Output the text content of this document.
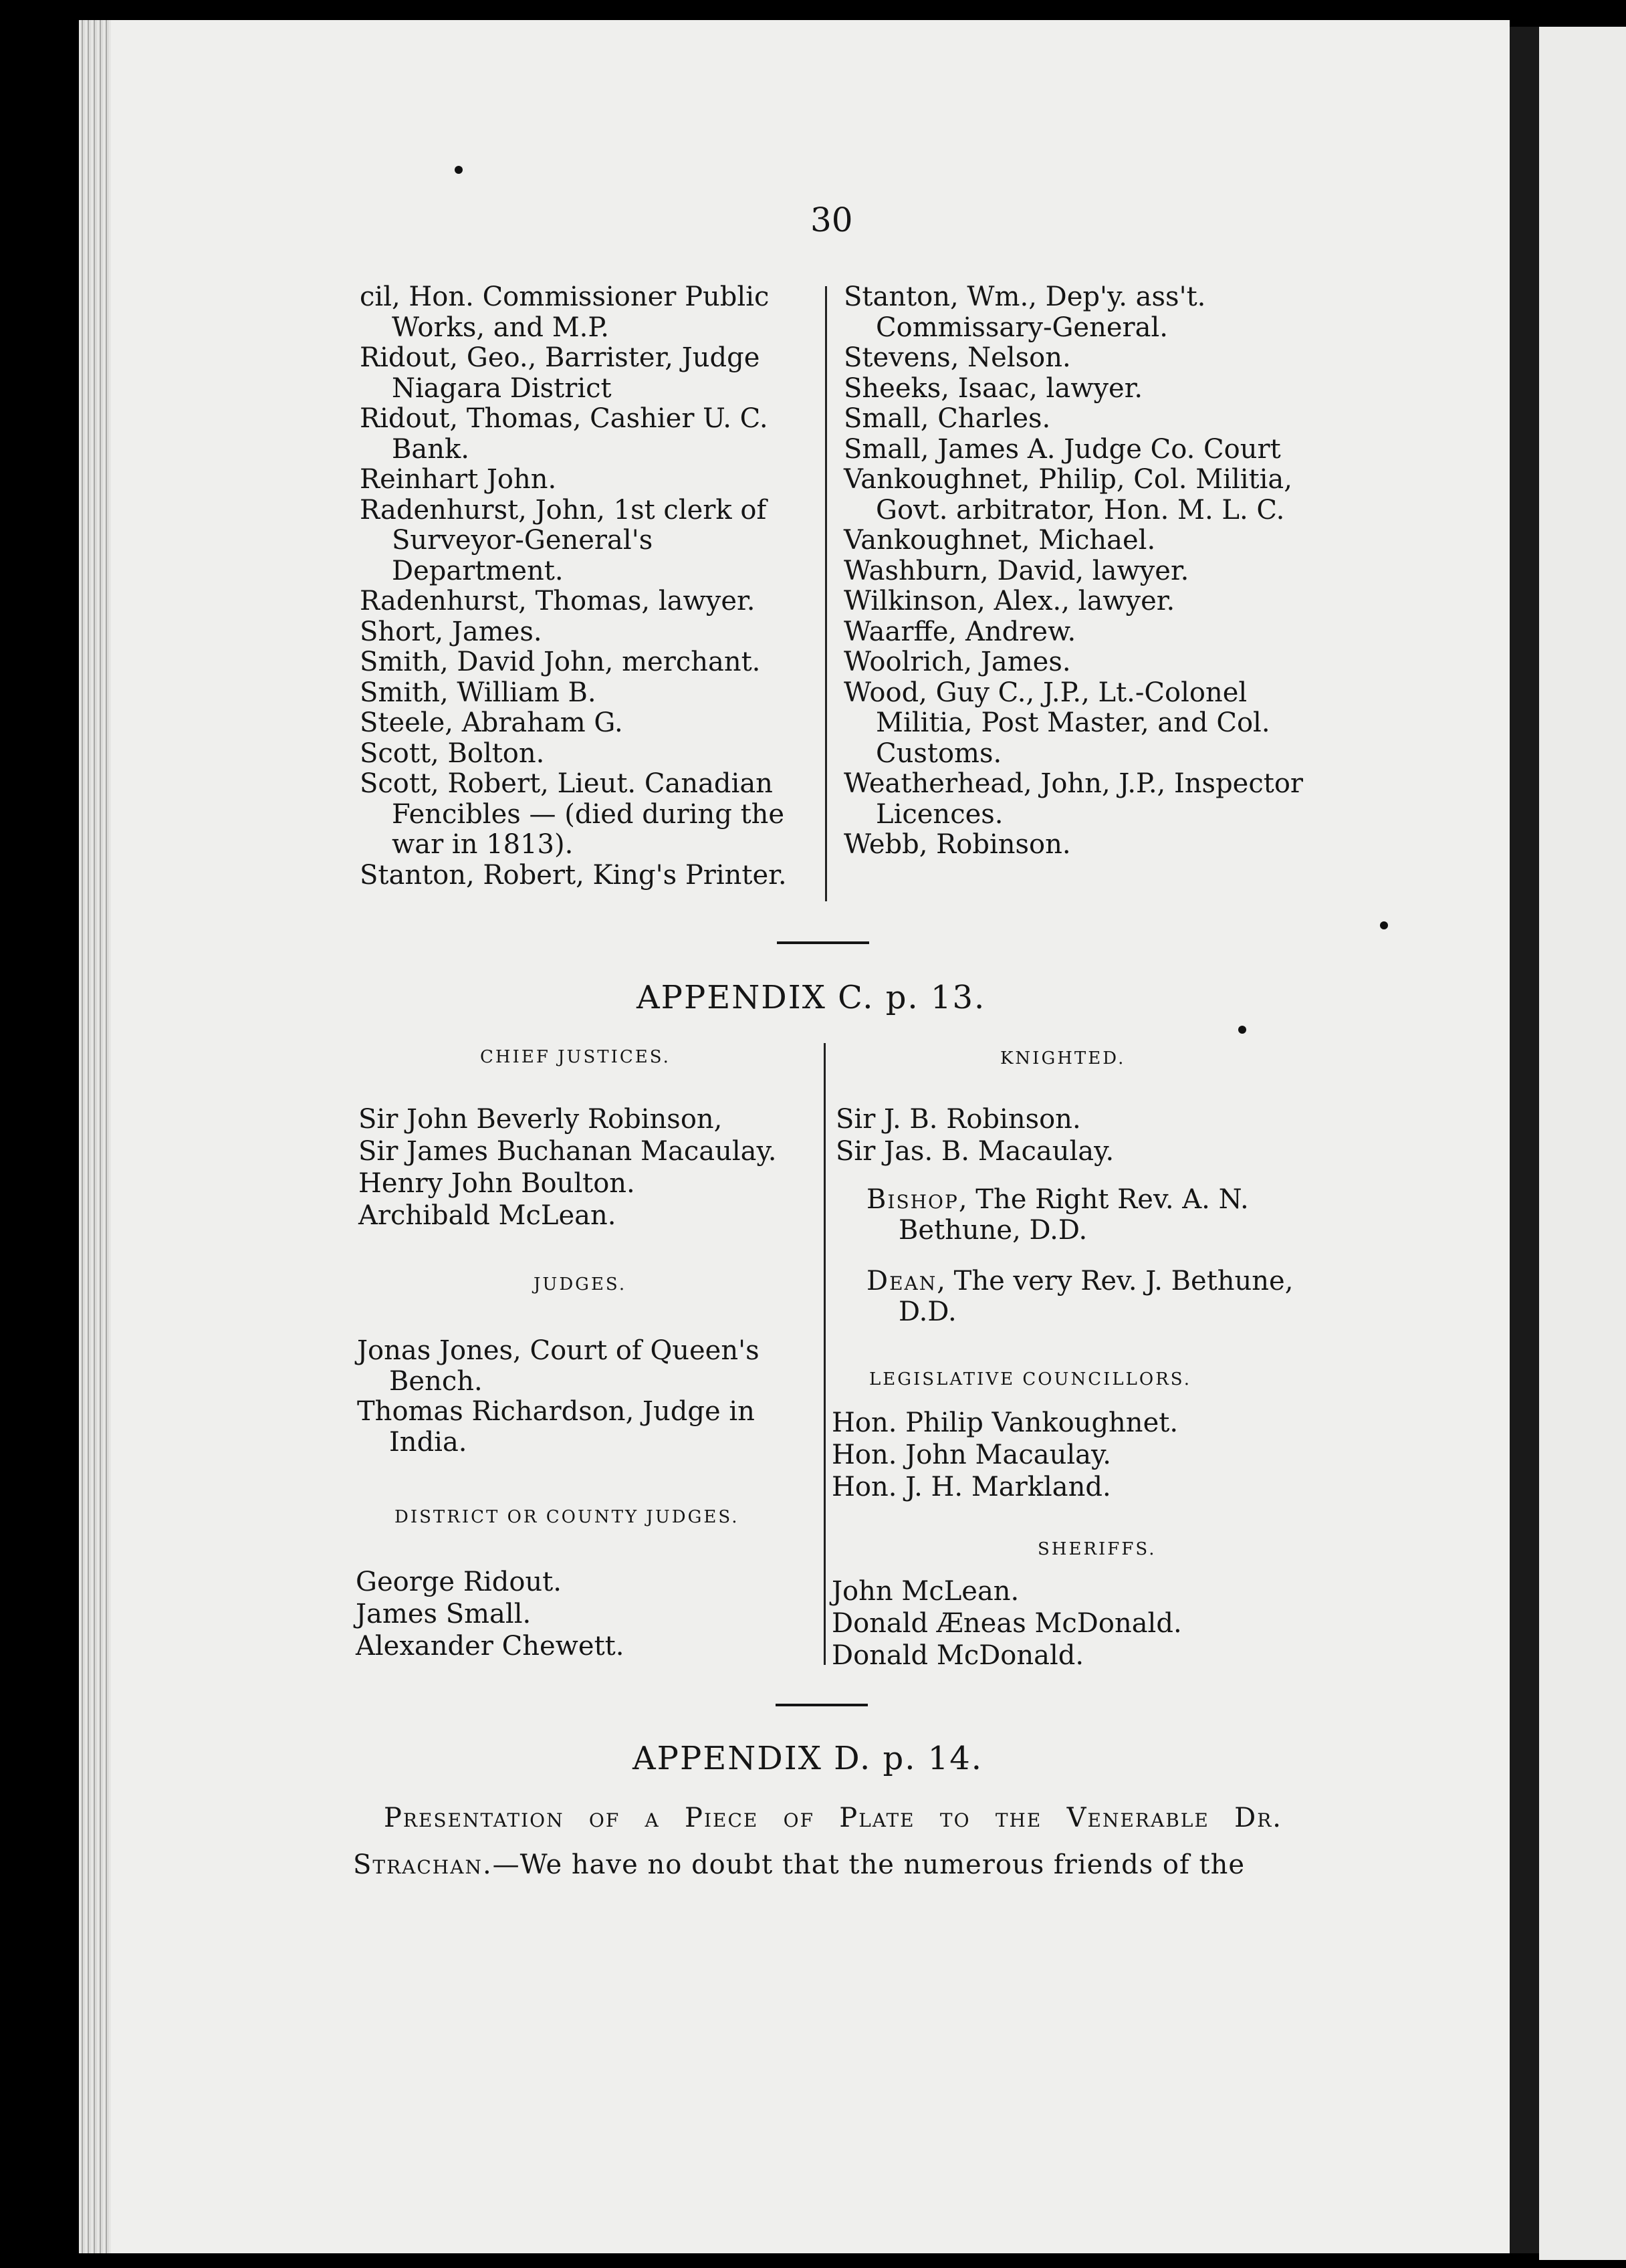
30

cil, Hon. Commissioner Public Works, and M.P.

Ridout, Geo., Barrister, Judge Niagara District

Ridout, Thomas, Cashier U. C. Bank.

Reinhart John.

Radenhurst, John, 1st clerk of Surveyor-General's Department.

Radenhurst, Thomas, lawyer.

Short, James.

Smith, David John, merchant.

Smith, William B.

Steele, Abraham G.

Scott, Bolton.

Scott, Robert, Lieut. Canadian Fencibles — (died during the war in 1813).

Stanton, Robert, King's Printer.

Stanton, Wm., Dep'y. ass't. Commissary-General.

Stevens, Nelson.

Sheeks, Isaac, lawyer.

Small, Charles.

Small, James A. Judge Co. Court

Vankoughnet, Philip, Col. Militia, Govt. arbitrator, Hon. M. L. C.

Vankoughnet, Michael.

Washburn, David, lawyer.

Wilkinson, Alex., lawyer.

Waarffe, Andrew.

Woolrich, James.

Wood, Guy C., J.P., Lt.-Colonel Militia, Post Master, and Col. Customs.

Weatherhead, John, J.P., Inspector Licences.

Webb, Robinson.

APPENDIX C. p. 13.
CHIEF JUSTICES.

Sir John Beverly Robinson,

Sir James Buchanan Macaulay.

Henry John Boulton.

Archibald McLean.

JUDGES.

Jonas Jones, Court of Queen's Bench.

Thomas Richardson, Judge in India.

DISTRICT OR COUNTY JUDGES.

George Ridout.

James Small.

Alexander Chewett.

KNIGHTED.

Sir J. B. Robinson.

Sir Jas. B. Macaulay.

Bishop, The Right Rev. A. N. Bethune, D.D.

Dean, The very Rev. J. Bethune, D.D.

LEGISLATIVE COUNCILLORS.

Hon. Philip Vankoughnet.

Hon. John Macaulay.

Hon. J. H. Markland.

SHERIFFS.

John McLean.

Donald Æneas McDonald.

Donald McDonald.

APPENDIX D. p. 14.
Presentation of a Piece of Plate to the Venerable Dr. Strachan.—We have no doubt that the numerous friends of the
